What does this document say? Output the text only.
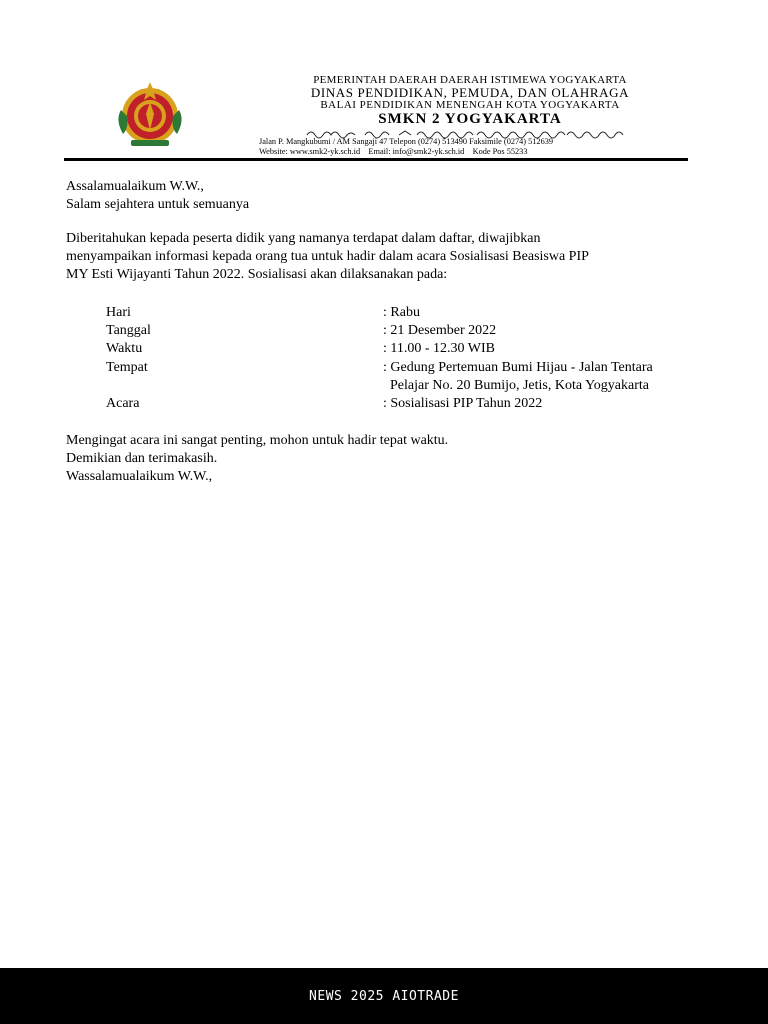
PEMERINTAH DAERAH DAERAH ISTIMEWA YOGYAKARTA
DINAS PENDIDIKAN, PEMUDA, DAN OLAHRAGA
BALAI PENDIDIKAN MENENGAH KOTA YOGYAKARTA
SMKN 2 YOGYAKARTA
Jalan P. Mangkubumi / AM Sangaji 47 Telepon (0274) 513490 Faksimile (0274) 512639
Website: www.smk2-yk.sch.id Email: info@smk2-yk.sch.id Kode Pos 55233
Assalamualaikum W.W.,
Salam sejahtera untuk semuanya
Diberitahukan kepada peserta didik yang namanya terdapat dalam daftar, diwajibkan
menyampaikan informasi kepada orang tua untuk hadir dalam acara Sosialisasi Beasiswa PIP
MY Esti Wijayanti Tahun 2022. Sosialisasi akan dilaksanakan pada:
Hari	: Rabu
Tanggal	: 21 Desember 2022
Waktu	: 11.00 - 12.30 WIB
Tempat	: Gedung Pertemuan Bumi Hijau - Jalan Tentara
Pelajar No. 20 Bumijo, Jetis, Kota Yogyakarta
Acara	: Sosialisasi PIP Tahun 2022
Mengingat acara ini sangat penting, mohon untuk hadir tepat waktu.
Demikian dan terimakasih.
Wassalamualaikum W.W.,
NEWS 2025 AIOTRADE
